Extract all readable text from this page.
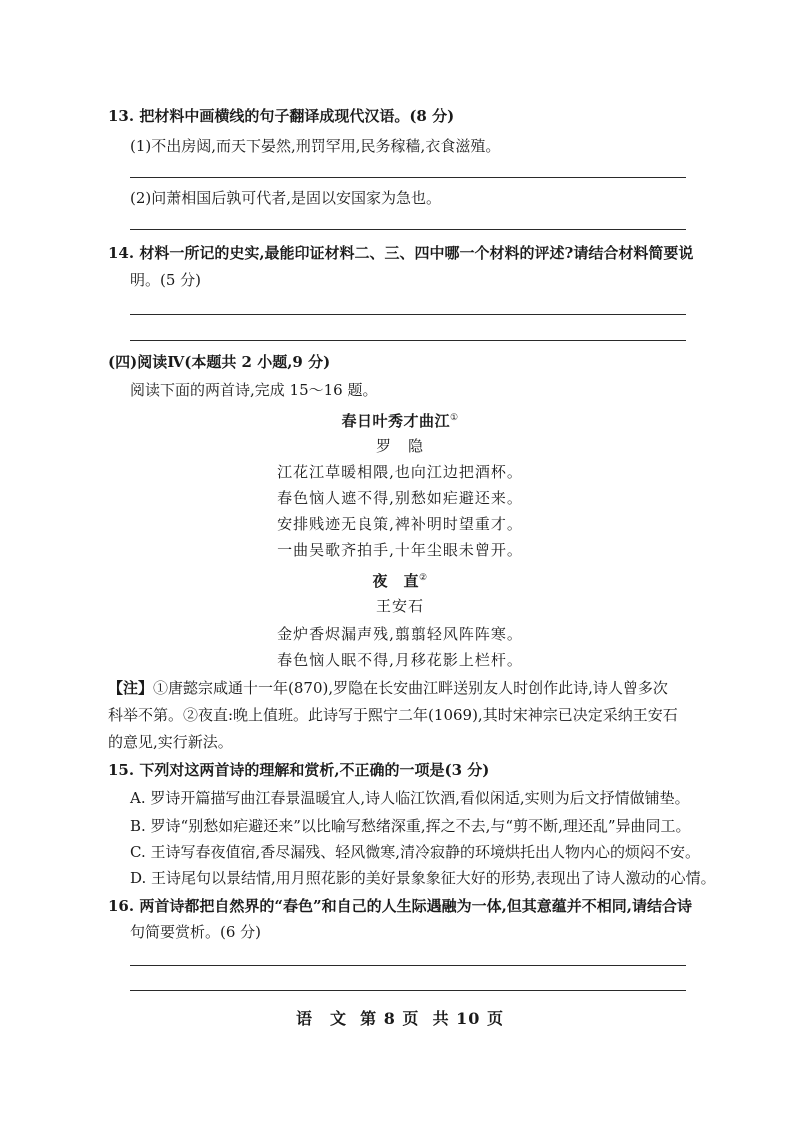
13. 把材料中画横线的句子翻译成现代汉语。(8 分)
(1)不出房闼,而天下晏然,刑罚罕用,民务稼穑,衣食滋殖。
(2)问萧相国后孰可代者,是固以安国家为急也。
14. 材料一所记的史实,最能印证材料二、三、四中哪一个材料的评述?请结合材料简要说
明。(5 分)
(四)阅读Ⅳ(本题共 2 小题,9 分)
阅读下面的两首诗,完成 15～16 题。
春日叶秀才曲江①
罗　隐
江花江草暖相隈,也向江边把酒杯。
春色恼人遮不得,别愁如疟避还来。
安排贱迹无良策,裨补明时望重才。
一曲吴歌齐拍手,十年尘眼未曾开。
夜　直②
王安石
金炉香烬漏声残,翦翦轻风阵阵寒。
春色恼人眠不得,月移花影上栏杆。
【注】①唐懿宗咸通十一年(870),罗隐在长安曲江畔送别友人时创作此诗,诗人曾多次
科举不第。②夜直:晚上值班。此诗写于熙宁二年(1069),其时宋神宗已决定采纳王安石
的意见,实行新法。
15. 下列对这两首诗的理解和赏析,不正确的一项是(3 分)
A. 罗诗开篇描写曲江春景温暖宜人,诗人临江饮酒,看似闲适,实则为后文抒情做铺垫。
B. 罗诗“别愁如疟避还来”以比喻写愁绪深重,挥之不去,与“剪不断,理还乱”异曲同工。
C. 王诗写春夜值宿,香尽漏残、轻风微寒,清冷寂静的环境烘托出人物内心的烦闷不安。
D. 王诗尾句以景结情,用月照花影的美好景象象征大好的形势,表现出了诗人激动的心情。
16. 两首诗都把自然界的“春色”和自己的人生际遇融为一体,但其意蕴并不相同,请结合诗
句简要赏析。(6 分)
语　文 第 8 页 共 10 页
